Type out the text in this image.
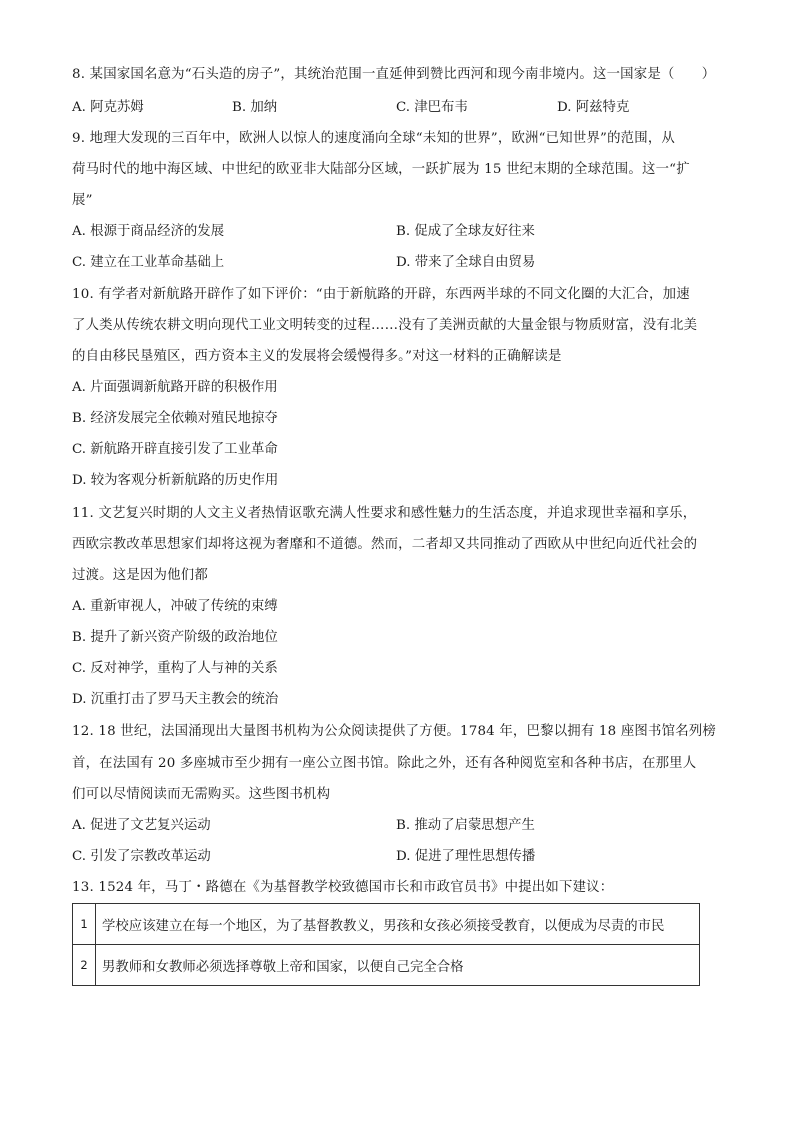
8. 某国家国名意为“石头造的房子”，其统治范围一直延伸到赞比西河和现今南非境内。这一国家是（　　）
A. 阿克苏姆	B. 加纳	C. 津巴布韦	D. 阿兹特克
9. 地理大发现的三百年中，欧洲人以惊人的速度涌向全球“未知的世界”，欧洲“已知世界”的范围，从
荷马时代的地中海区域、中世纪的欧亚非大陆部分区域，一跃扩展为 15 世纪末期的全球范围。这一“扩
展”
A. 根源于商品经济的发展	B. 促成了全球友好往来
C. 建立在工业革命基础上	D. 带来了全球自由贸易
10. 有学者对新航路开辟作了如下评价：“由于新航路的开辟，东西两半球的不同文化圈的大汇合，加速
了人类从传统农耕文明向现代工业文明转变的过程……没有了美洲贡献的大量金银与物质财富，没有北美
的自由移民垦殖区，西方资本主义的发展将会缓慢得多。”对这一材料的正确解读是
A. 片面强调新航路开辟的积极作用
B. 经济发展完全依赖对殖民地掠夺
C. 新航路开辟直接引发了工业革命
D. 较为客观分析新航路的历史作用
11. 文艺复兴时期的人文主义者热情讴歌充满人性要求和感性魅力的生活态度，并追求现世幸福和享乐，
西欧宗教改革思想家们却将这视为奢靡和不道德。然而，二者却又共同推动了西欧从中世纪向近代社会的
过渡。这是因为他们都
A. 重新审视人，冲破了传统的束缚
B. 提升了新兴资产阶级的政治地位
C. 反对神学，重构了人与神的关系
D. 沉重打击了罗马天主教会的统治
12. 18 世纪，法国涌现出大量图书机构为公众阅读提供了方便。1784 年，巴黎以拥有 18 座图书馆名列榜
首，在法国有 20 多座城市至少拥有一座公立图书馆。除此之外，还有各种阅览室和各种书店，在那里人
们可以尽情阅读而无需购买。这些图书机构
A. 促进了文艺复兴运动	B. 推动了启蒙思想产生
C. 引发了宗教改革运动	D. 促进了理性思想传播
13. 1524 年，马丁・路德在《为基督教学校致德国市长和市政官员书》中提出如下建议：
1	学校应该建立在每一个地区，为了基督教教义，男孩和女孩必须接受教育，以便成为尽责的市民
2	男教师和女教师必须选择尊敬上帝和国家，以便自己完全合格
